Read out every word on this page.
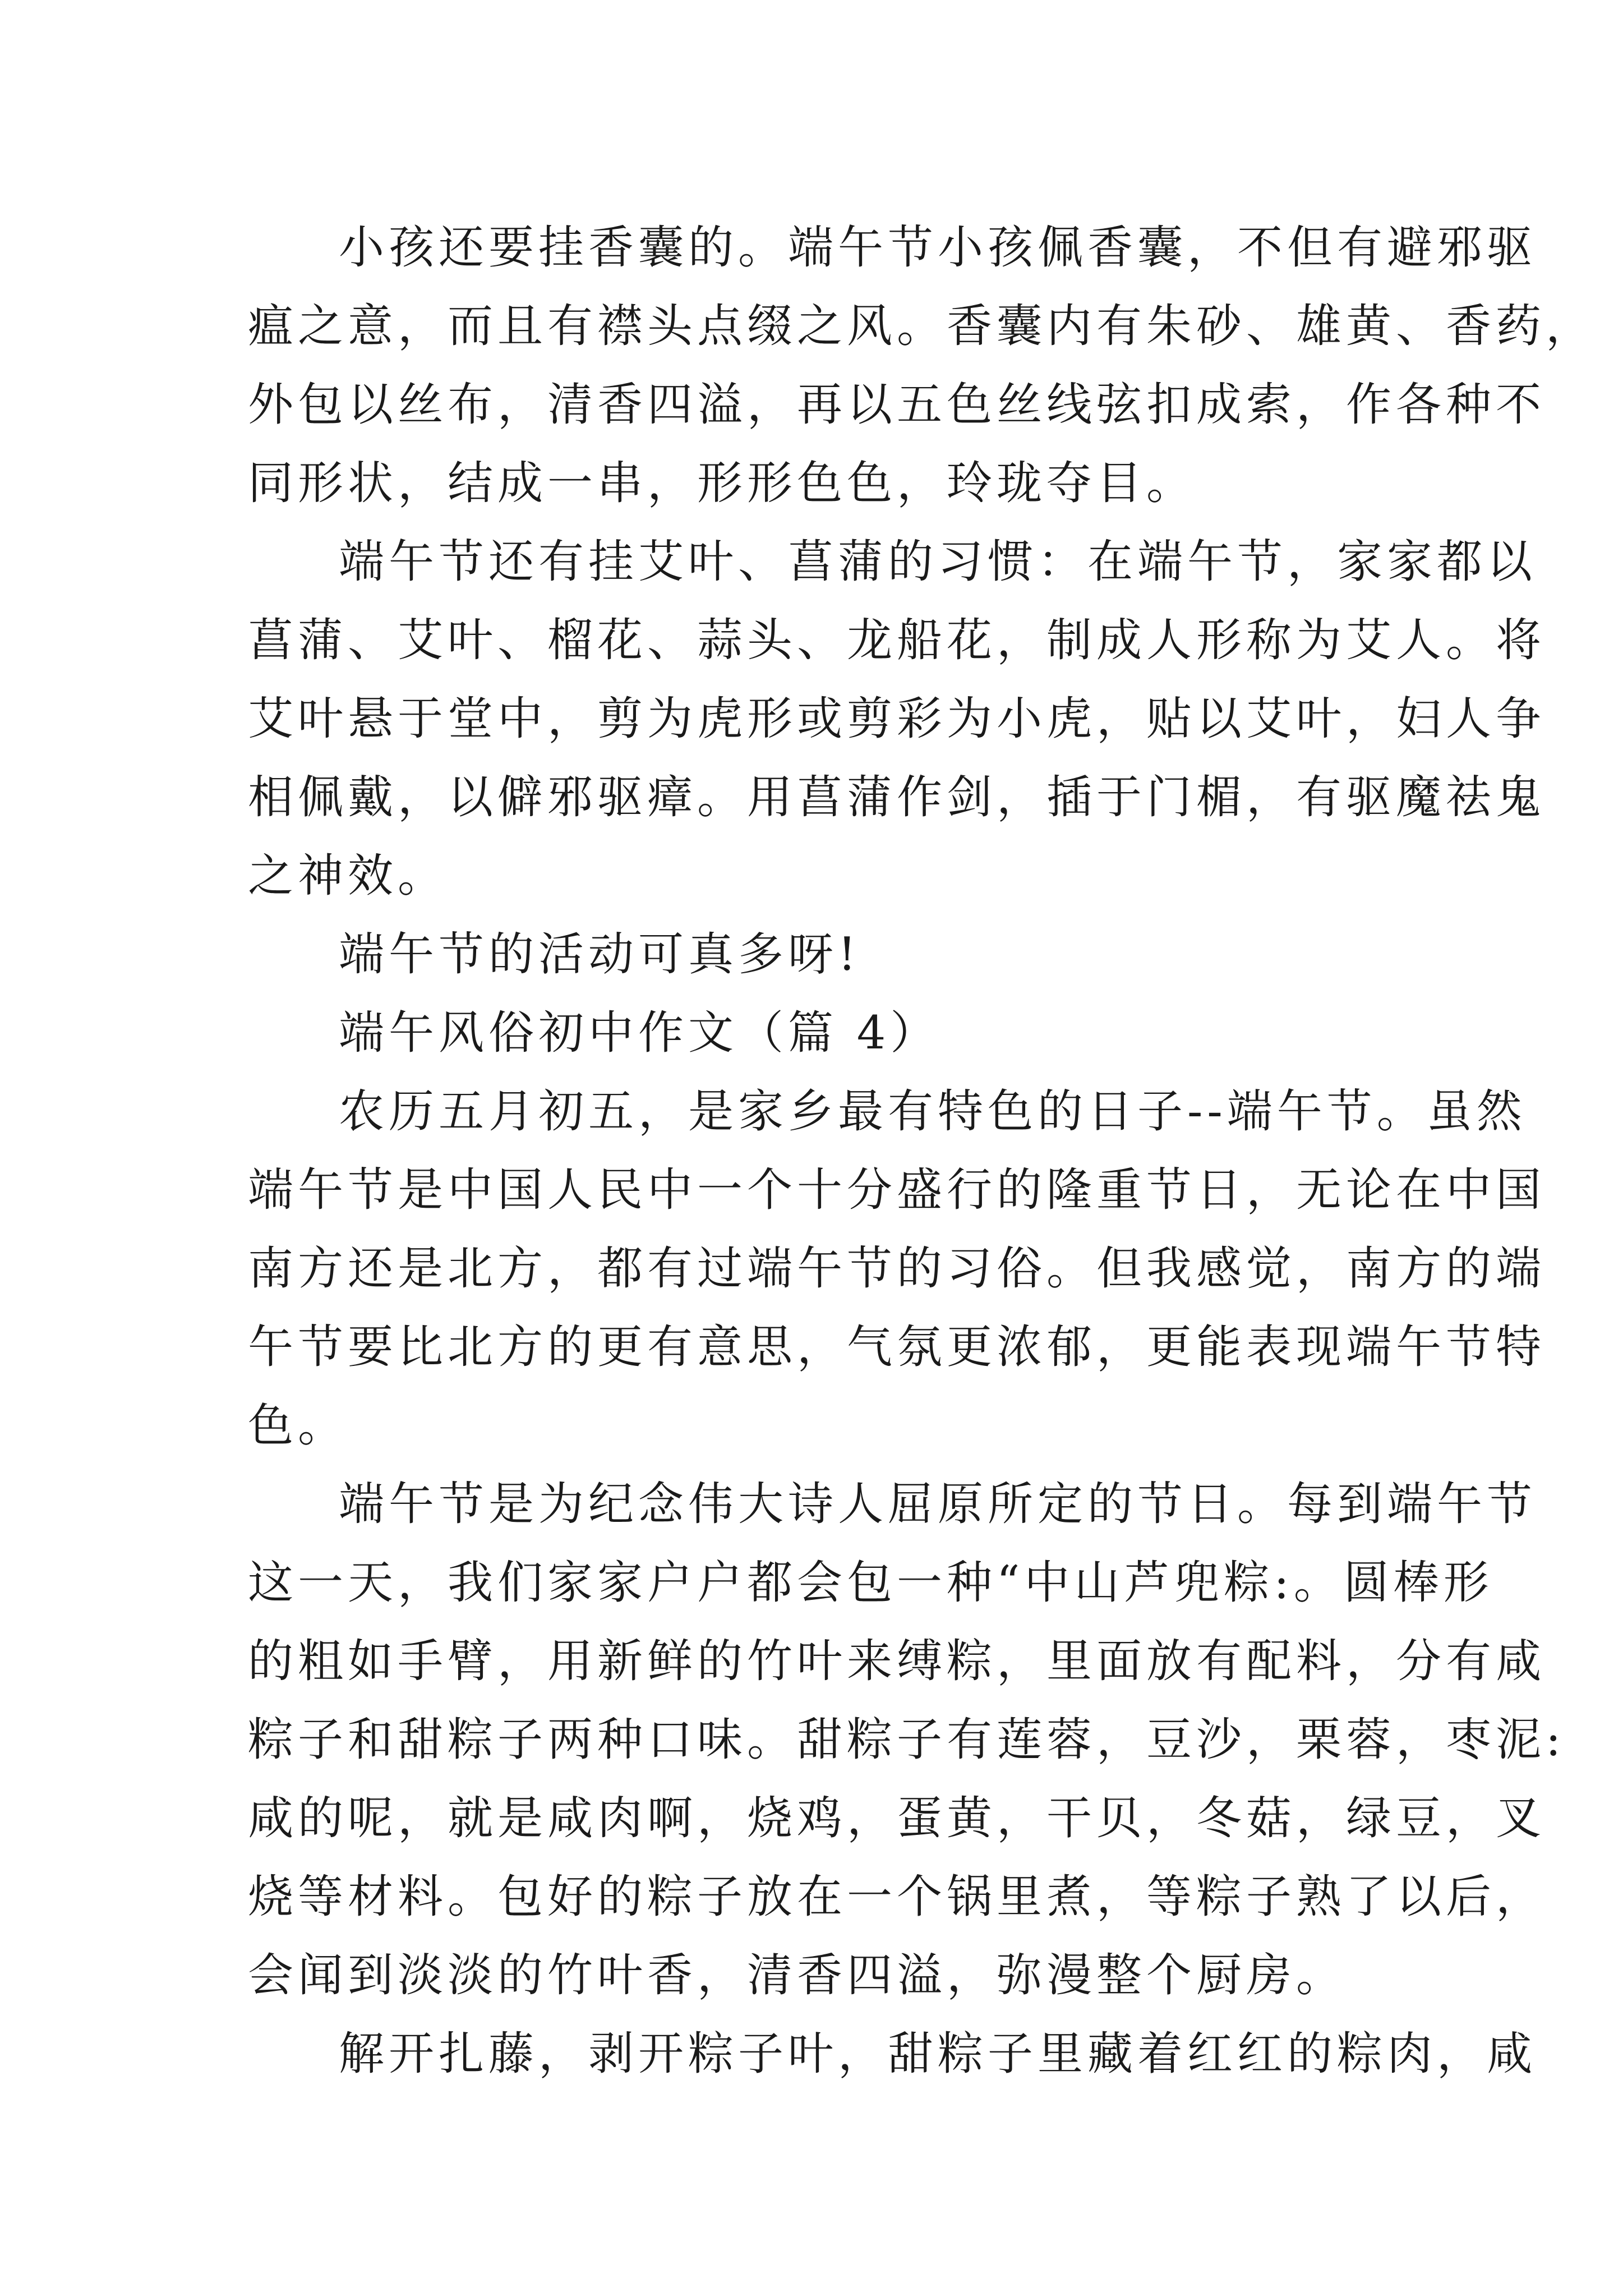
小孩还要挂香囊的。端午节小孩佩香囊，不但有避邪驱
瘟之意，而且有襟头点缀之风。香囊内有朱砂、雄黄、香药，
外包以丝布，清香四溢，再以五色丝线弦扣成索，作各种不
同形状，结成一串，形形色色，玲珑夺目。
端午节还有挂艾叶、菖蒲的习惯：在端午节，家家都以
菖蒲、艾叶、榴花、蒜头、龙船花，制成人形称为艾人。将
艾叶悬于堂中，剪为虎形或剪彩为小虎，贴以艾叶，妇人争
相佩戴，以僻邪驱瘴。用菖蒲作剑，插于门楣，有驱魔祛鬼
之神效。
端午节的活动可真多呀!
端午风俗初中作文（篇 4）
农历五月初五，是家乡最有特色的日子--端午节。虽然
端午节是中国人民中一个十分盛行的隆重节日，无论在中国
南方还是北方，都有过端午节的习俗。但我感觉，南方的端
午节要比北方的更有意思，气氛更浓郁，更能表现端午节特
色。
端午节是为纪念伟大诗人屈原所定的节日。每到端午节
这一天，我们家家户户都会包一种“中山芦兜粽:。圆棒形
的粗如手臂，用新鲜的竹叶来缚粽，里面放有配料，分有咸
粽子和甜粽子两种口味。甜粽子有莲蓉，豆沙，栗蓉，枣泥:
咸的呢，就是咸肉啊，烧鸡，蛋黄，干贝，冬菇，绿豆，叉
烧等材料。包好的粽子放在一个锅里煮，等粽子熟了以后，
会闻到淡淡的竹叶香，清香四溢，弥漫整个厨房。
解开扎藤，剥开粽子叶，甜粽子里藏着红红的粽肉，咸
